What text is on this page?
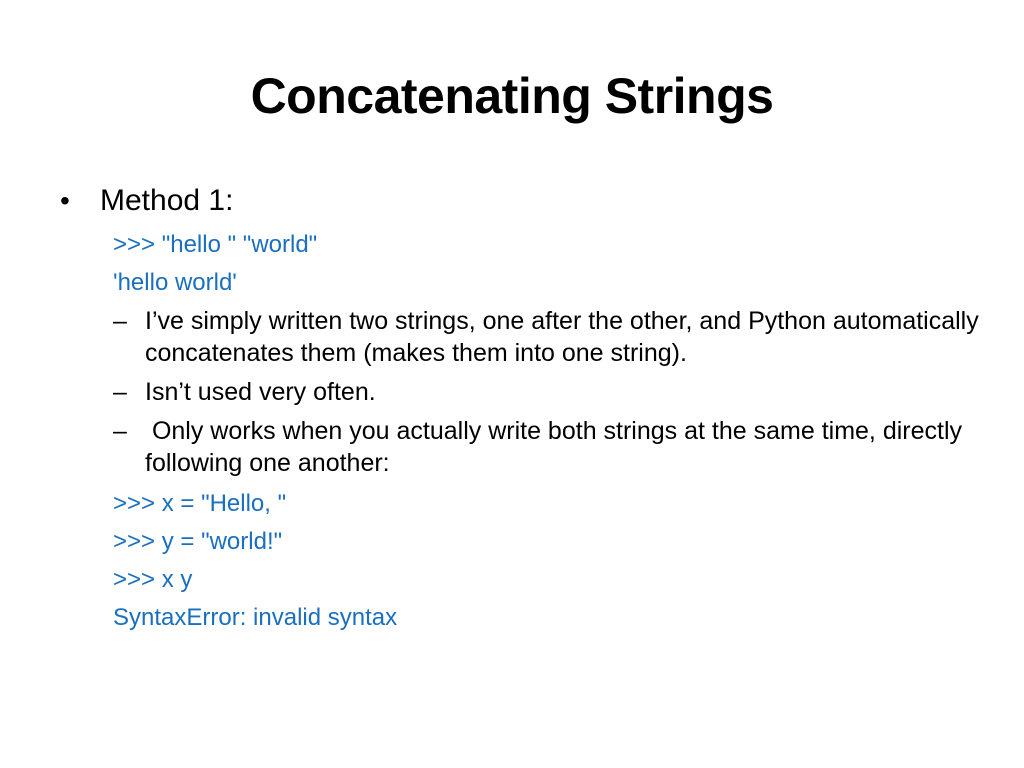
Concatenating Strings
•	Method 1:
>>> "hello " "world"
'hello world'
– I’ve simply written two strings, one after the other, and Python automatically concatenates them (makes them into one string).
– Isn’t used very often.
– Only works when you actually write both strings at the same time, directly following one another:
>>> x = "Hello, "
>>> y = "world!"
>>> x y
SyntaxError: invalid syntax
